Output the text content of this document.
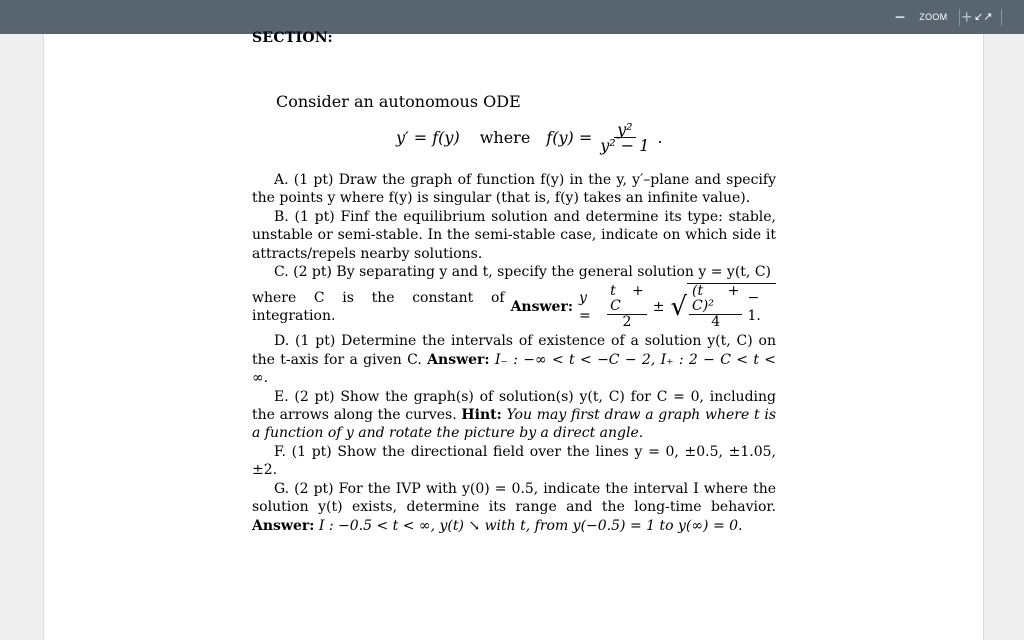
− ZOOM + ↙↗
SECTION:

Consider an autonomous ODE

y′ = f(y) where $f(y) = \frac{\text{y²}}{\text{y² − 1}}$ .

A. (1 pt) Draw the graph of function f(y) in the y, y′–plane and specify the points y where f(y) is singular (that is, f(y) takes an infinite value).

B. (1 pt) Finf the equilibrium solution and determine its type: stable, unstable or semi-stable. In the semi-stable case, indicate on which side it attracts/repels nearby solutions.

C. (2 pt) By separating y and t, specify the general solution y = y(t, C)

where C is the constant of integration.
Answer:
y =	$\frac{t + C}{2}$ ± √ $\frac{\text{(t + C)²}}{4} - 1$.

D. (1 pt) Determine the intervals of existence of a solution y(t, C) on the t-axis for a given C. Answer: I₋ : −∞ < t < −C − 2, I₊ : 2 − C < t < ∞.

E. (2 pt) Show the graph(s) of solution(s) y(t, C) for C = 0, including the arrows along the curves. Hint: You may first draw a graph where t is a function of y and rotate the picture by a direct angle.

F. (1 pt) Show the directional field over the lines y = 0, ±0.5, ±1.05, ±2.

G. (2 pt) For the IVP with y(0) = 0.5, indicate the interval I where the solution y(t) exists, determine its range and the long-time behavior. Answer: I : −0.5 < t < ∞, y(t) ↘ with t, from y(−0.5) = 1 to y(∞) = 0.
